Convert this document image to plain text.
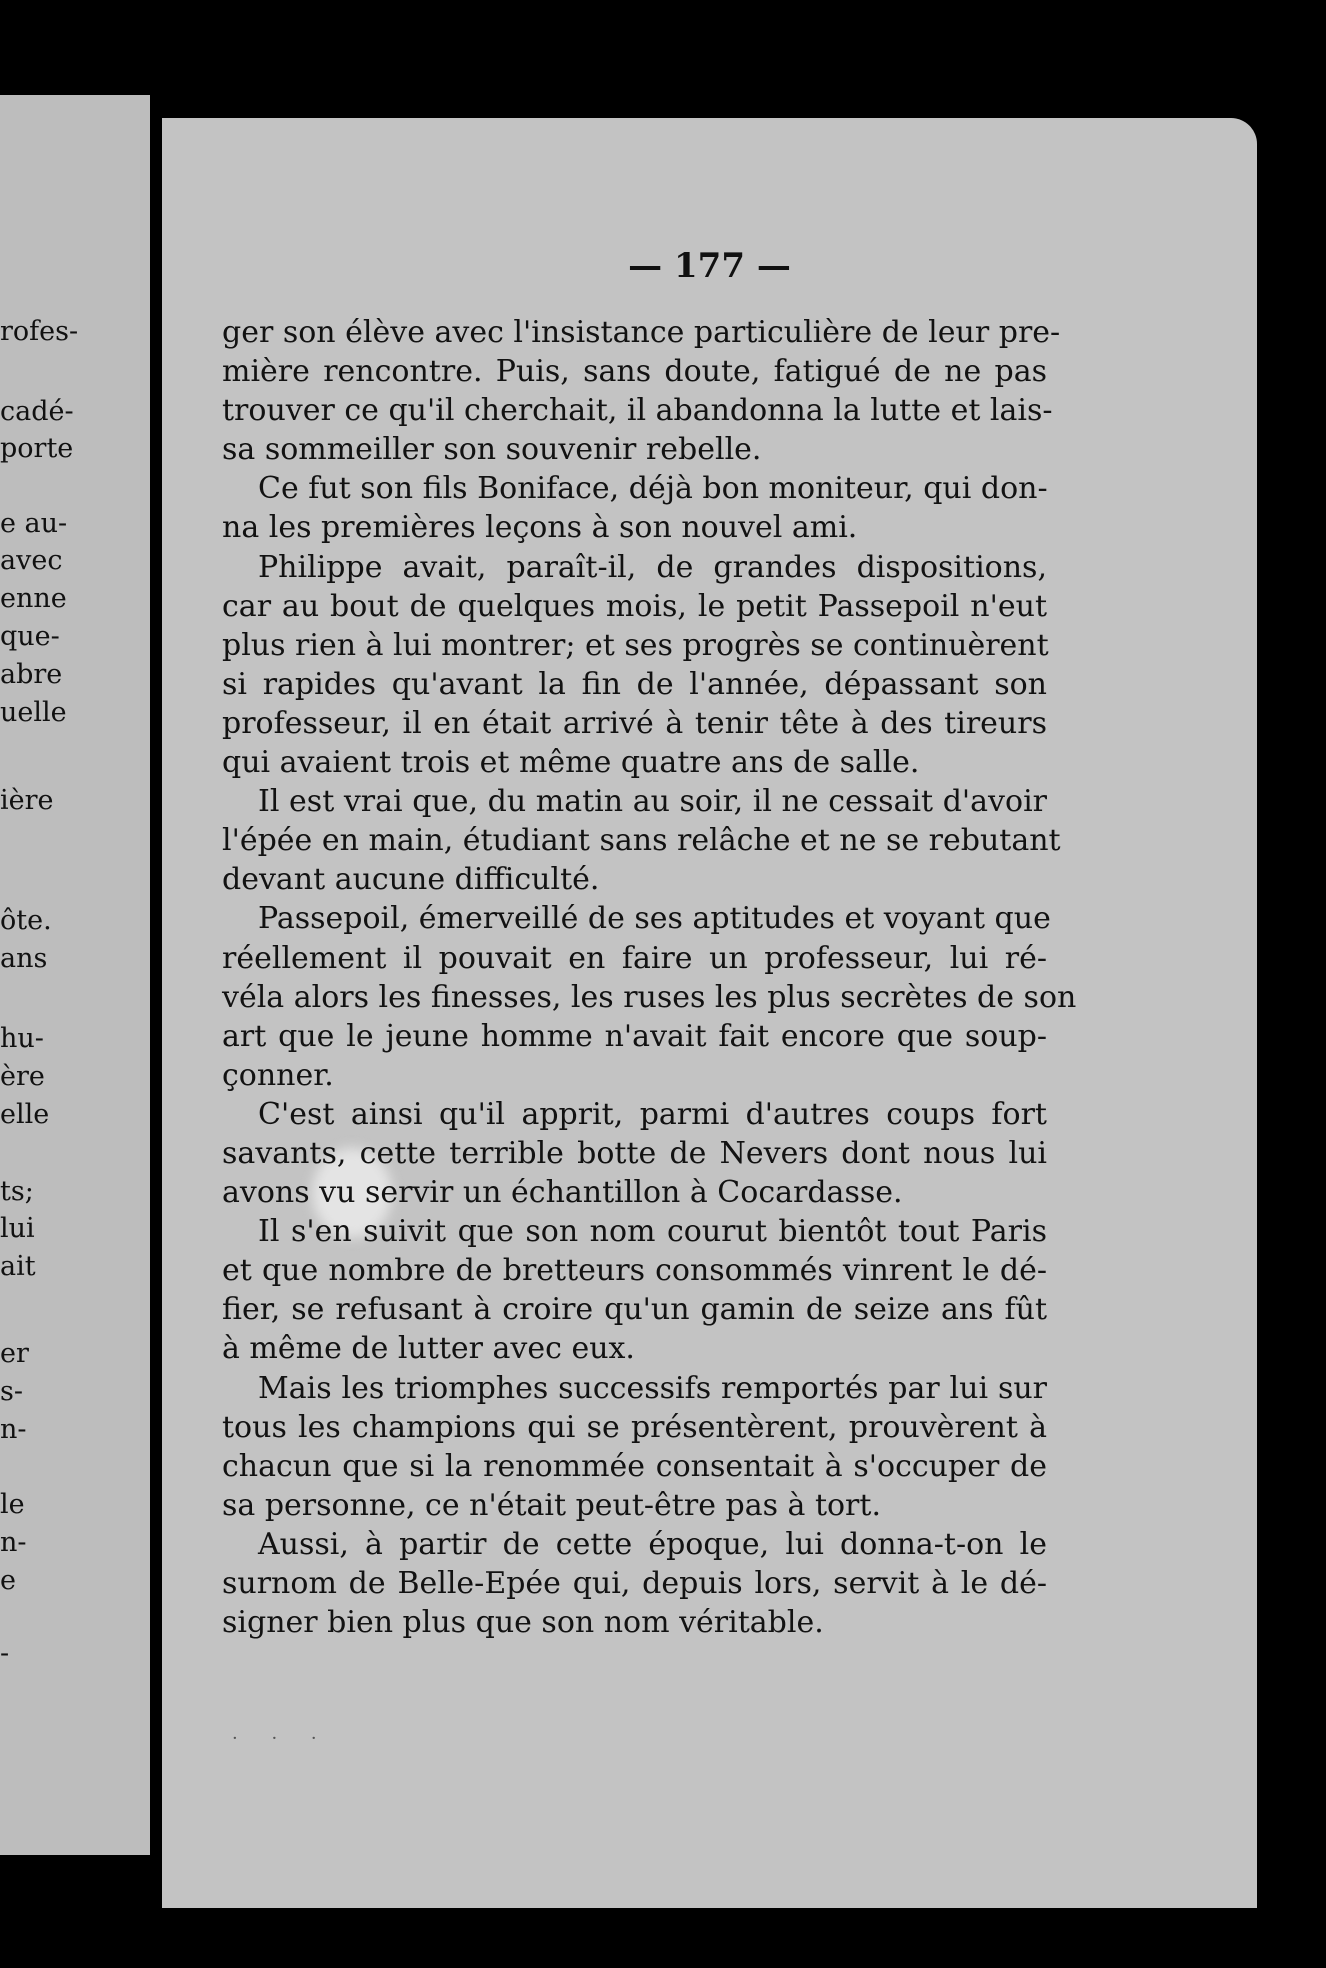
rofes-
cadé-
porte
e au-
avec
enne
que-
abre
uelle
ière
ôte.
ans
hu-
ère
elle
ts;
lui
ait
er
s-
n-
le
n-
e
-
— 177 —
ger son élève avec l'insistance particulière de leur pre-
mière rencontre. Puis, sans doute, fatigué de ne pas
trouver ce qu'il cherchait, il abandonna la lutte et lais-
sa sommeiller son souvenir rebelle.
Ce fut son fils Boniface, déjà bon moniteur, qui don-
na les premières leçons à son nouvel ami.
Philippe avait, paraît-il, de grandes dispositions,
car au bout de quelques mois, le petit Passepoil n'eut
plus rien à lui montrer; et ses progrès se continuèrent
si rapides qu'avant la fin de l'année, dépassant son
professeur, il en était arrivé à tenir tête à des tireurs
qui avaient trois et même quatre ans de salle.
Il est vrai que, du matin au soir, il ne cessait d'avoir
l'épée en main, étudiant sans relâche et ne se rebutant
devant aucune difficulté.
Passepoil, émerveillé de ses aptitudes et voyant que
réellement il pouvait en faire un professeur, lui ré-
véla alors les finesses, les ruses les plus secrètes de son
art que le jeune homme n'avait fait encore que soup-
çonner.
C'est ainsi qu'il apprit, parmi d'autres coups fort
savants, cette terrible botte de Nevers dont nous lui
avons vu servir un échantillon à Cocardasse.
Il s'en suivit que son nom courut bientôt tout Paris
et que nombre de bretteurs consommés vinrent le dé-
fier, se refusant à croire qu'un gamin de seize ans fût
à même de lutter avec eux.
Mais les triomphes successifs remportés par lui sur
tous les champions qui se présentèrent, prouvèrent à
chacun que si la renommée consentait à s'occuper de
sa personne, ce n'était peut-être pas à tort.
Aussi, à partir de cette époque, lui donna-t-on le
surnom de Belle-Epée qui, depuis lors, servit à le dé-
signer bien plus que son nom véritable.
· · ·
